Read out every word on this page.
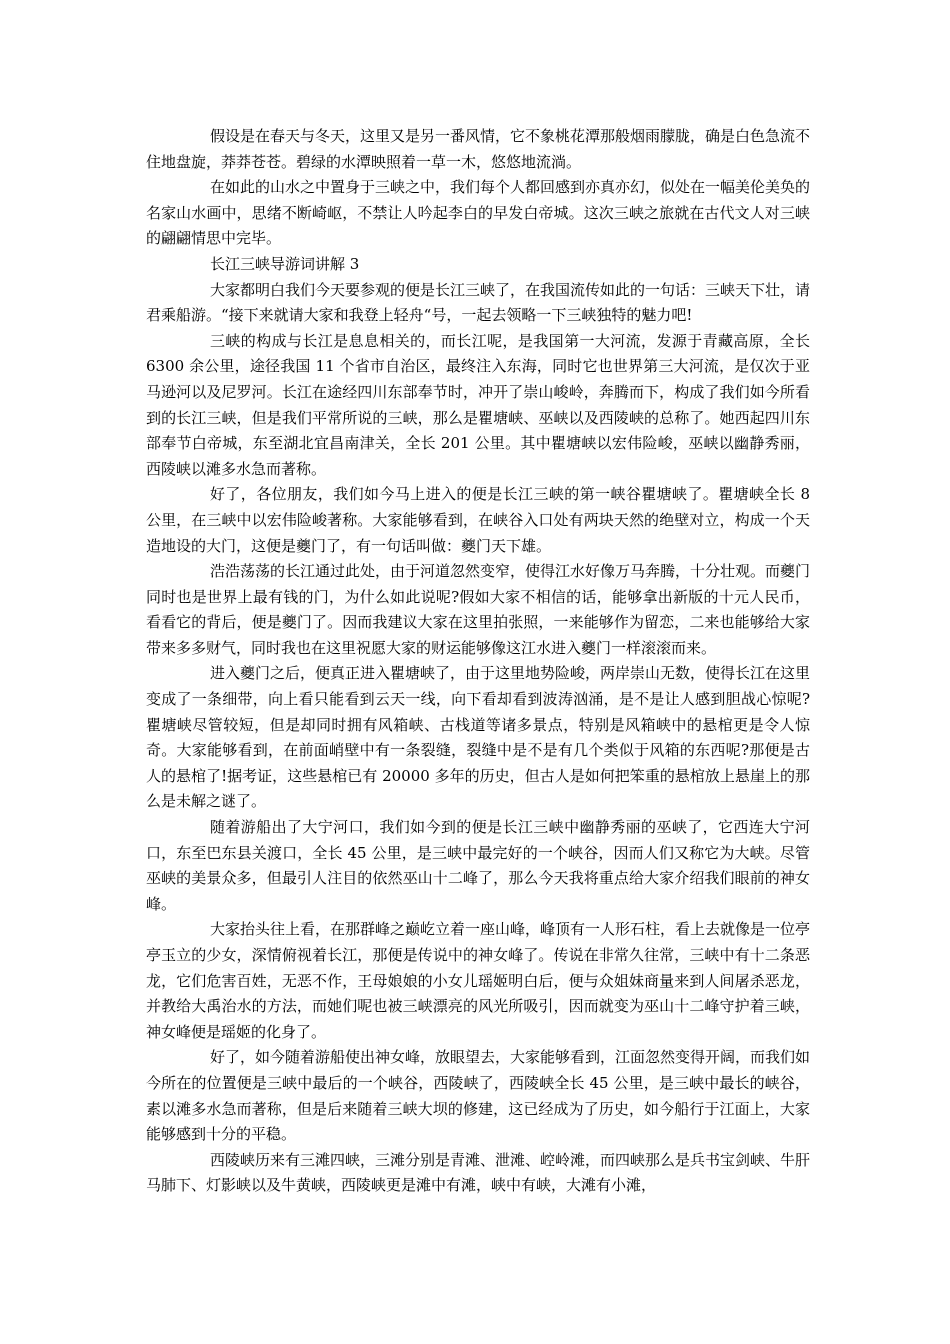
假设是在春天与冬天，这里又是另一番风情，它不象桃花潭那般烟雨朦胧，确是白色急流不住地盘旋，莽莽苍苍。碧绿的水潭映照着一草一木，悠悠地流淌。

在如此的山水之中置身于三峡之中，我们每个人都回感到亦真亦幻，似处在一幅美伦美奂的名家山水画中，思绪不断崎岖，不禁让人吟起李白的早发白帝城。这次三峡之旅就在古代文人对三峡的翩翩情思中完毕。

长江三峡导游词讲解 3

大家都明白我们今天要参观的便是长江三峡了，在我国流传如此的一句话：三峡天下壮，请君乘船游。“接下来就请大家和我登上轻舟“号，一起去领略一下三峡独特的魅力吧!

三峡的构成与长江是息息相关的，而长江呢，是我国第一大河流，发源于青藏高原，全长 6300 余公里，途径我国 11 个省市自治区，最终注入东海，同时它也世界第三大河流，是仅次于亚马逊河以及尼罗河。长江在途经四川东部奉节时，冲开了崇山峻岭，奔腾而下，构成了我们如今所看到的长江三峡，但是我们平常所说的三峡，那么是瞿塘峡、巫峡以及西陵峡的总称了。她西起四川东部奉节白帝城，东至湖北宜昌南津关，全长 201 公里。其中瞿塘峡以宏伟险峻，巫峡以幽静秀丽，西陵峡以滩多水急而著称。

好了，各位朋友，我们如今马上进入的便是长江三峡的第一峡谷瞿塘峡了。瞿塘峡全长 8 公里，在三峡中以宏伟险峻著称。大家能够看到，在峡谷入口处有两块天然的绝壁对立，构成一个天造地设的大门，这便是夔门了，有一句话叫做：夔门天下雄。

浩浩荡荡的长江通过此处，由于河道忽然变窄，使得江水好像万马奔腾，十分壮观。而夔门同时也是世界上最有钱的门，为什么如此说呢?假如大家不相信的话，能够拿出新版的十元人民币，看看它的背后，便是夔门了。因而我建议大家在这里拍张照，一来能够作为留恋，二来也能够给大家带来多多财气，同时我也在这里祝愿大家的财运能够像这江水进入夔门一样滚滚而来。

进入夔门之后，便真正进入瞿塘峡了，由于这里地势险峻，两岸崇山无数，使得长江在这里变成了一条细带，向上看只能看到云天一线，向下看却看到波涛汹涌，是不是让人感到胆战心惊呢?瞿塘峡尽管较短，但是却同时拥有风箱峡、古栈道等诸多景点，特别是风箱峡中的悬棺更是令人惊奇。大家能够看到，在前面峭壁中有一条裂缝，裂缝中是不是有几个类似于风箱的东西呢?那便是古人的悬棺了!据考证，这些悬棺已有 20000 多年的历史，但古人是如何把笨重的悬棺放上悬崖上的那么是未解之谜了。

随着游船出了大宁河口，我们如今到的便是长江三峡中幽静秀丽的巫峡了，它西连大宁河口，东至巴东县关渡口，全长 45 公里，是三峡中最完好的一个峡谷，因而人们又称它为大峡。尽管巫峡的美景众多，但最引人注目的依然巫山十二峰了，那么今天我将重点给大家介绍我们眼前的神女峰。

大家抬头往上看，在那群峰之巅屹立着一座山峰，峰顶有一人形石柱，看上去就像是一位亭亭玉立的少女，深情俯视着长江，那便是传说中的神女峰了。传说在非常久往常，三峡中有十二条恶龙，它们危害百姓，无恶不作，王母娘娘的小女儿瑶姬明白后，便与众姐妹商量来到人间屠杀恶龙，并教给大禹治水的方法，而她们呢也被三峡漂亮的风光所吸引，因而就变为巫山十二峰守护着三峡，神女峰便是瑶姬的化身了。

好了，如今随着游船使出神女峰，放眼望去，大家能够看到，江面忽然变得开阔，而我们如今所在的位置便是三峡中最后的一个峡谷，西陵峡了，西陵峡全长 45 公里，是三峡中最长的峡谷，素以滩多水急而著称，但是后来随着三峡大坝的修建，这已经成为了历史，如今船行于江面上，大家能够感到十分的平稳。

西陵峡历来有三滩四峡，三滩分别是青滩、泄滩、崆岭滩，而四峡那么是兵书宝剑峡、牛肝马肺下、灯影峡以及牛黄峡，西陵峡更是滩中有滩，峡中有峡，大滩有小滩，
